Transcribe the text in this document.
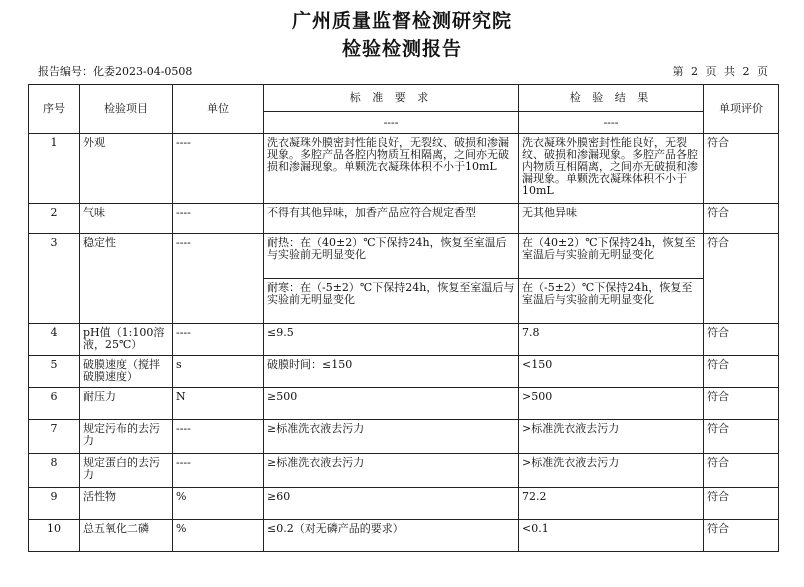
广州质量监督检测研究院
检验检测报告
报告编号：化委2023-04-0508	第 2 页 共 2 页
序号	检验项目	单位	标 准 要 求	检 验 结 果	单项评价
			----	----	
1	外观	----	洗衣凝珠外膜密封性能良好，无裂纹、破损和渗漏现象。多腔产品各腔内物质互相隔离，之间亦无破损和渗漏现象。单颗洗衣凝珠体积不小于10mL	洗衣凝珠外膜密封性能良好，无裂纹、破损和渗漏现象。多腔产品各腔内物质互相隔离，之间亦无破损和渗漏现象。单颗洗衣凝珠体积不小于10mL	符合
2	气味	----	不得有其他异味，加香产品应符合规定香型	无其他异味	符合
3	稳定性	----	耐热：在（40±2）℃下保持24h，恢复至室温后与实验前无明显变化	在（40±2）℃下保持24h，恢复至室温后与实验前无明显变化	符合
			耐寒：在（-5±2）℃下保持24h，恢复至室温后与实验前无明显变化	在（-5±2）℃下保持24h，恢复至室温后与实验前无明显变化	
4	pH值（1:100溶液，25℃）	----	≤9.5	7.8	符合
5	破膜速度（搅拌破膜速度）	s	破膜时间：≤150	<150	符合
6	耐压力	N	≥500	>500	符合
7	规定污布的去污力	----	≥标准洗衣液去污力	>标准洗衣液去污力	符合
8	规定蛋白的去污力	----	≥标准洗衣液去污力	>标准洗衣液去污力	符合
9	活性物	%	≥60	72.2	符合
10	总五氧化二磷	%	≤0.2（对无磷产品的要求）	<0.1	符合
